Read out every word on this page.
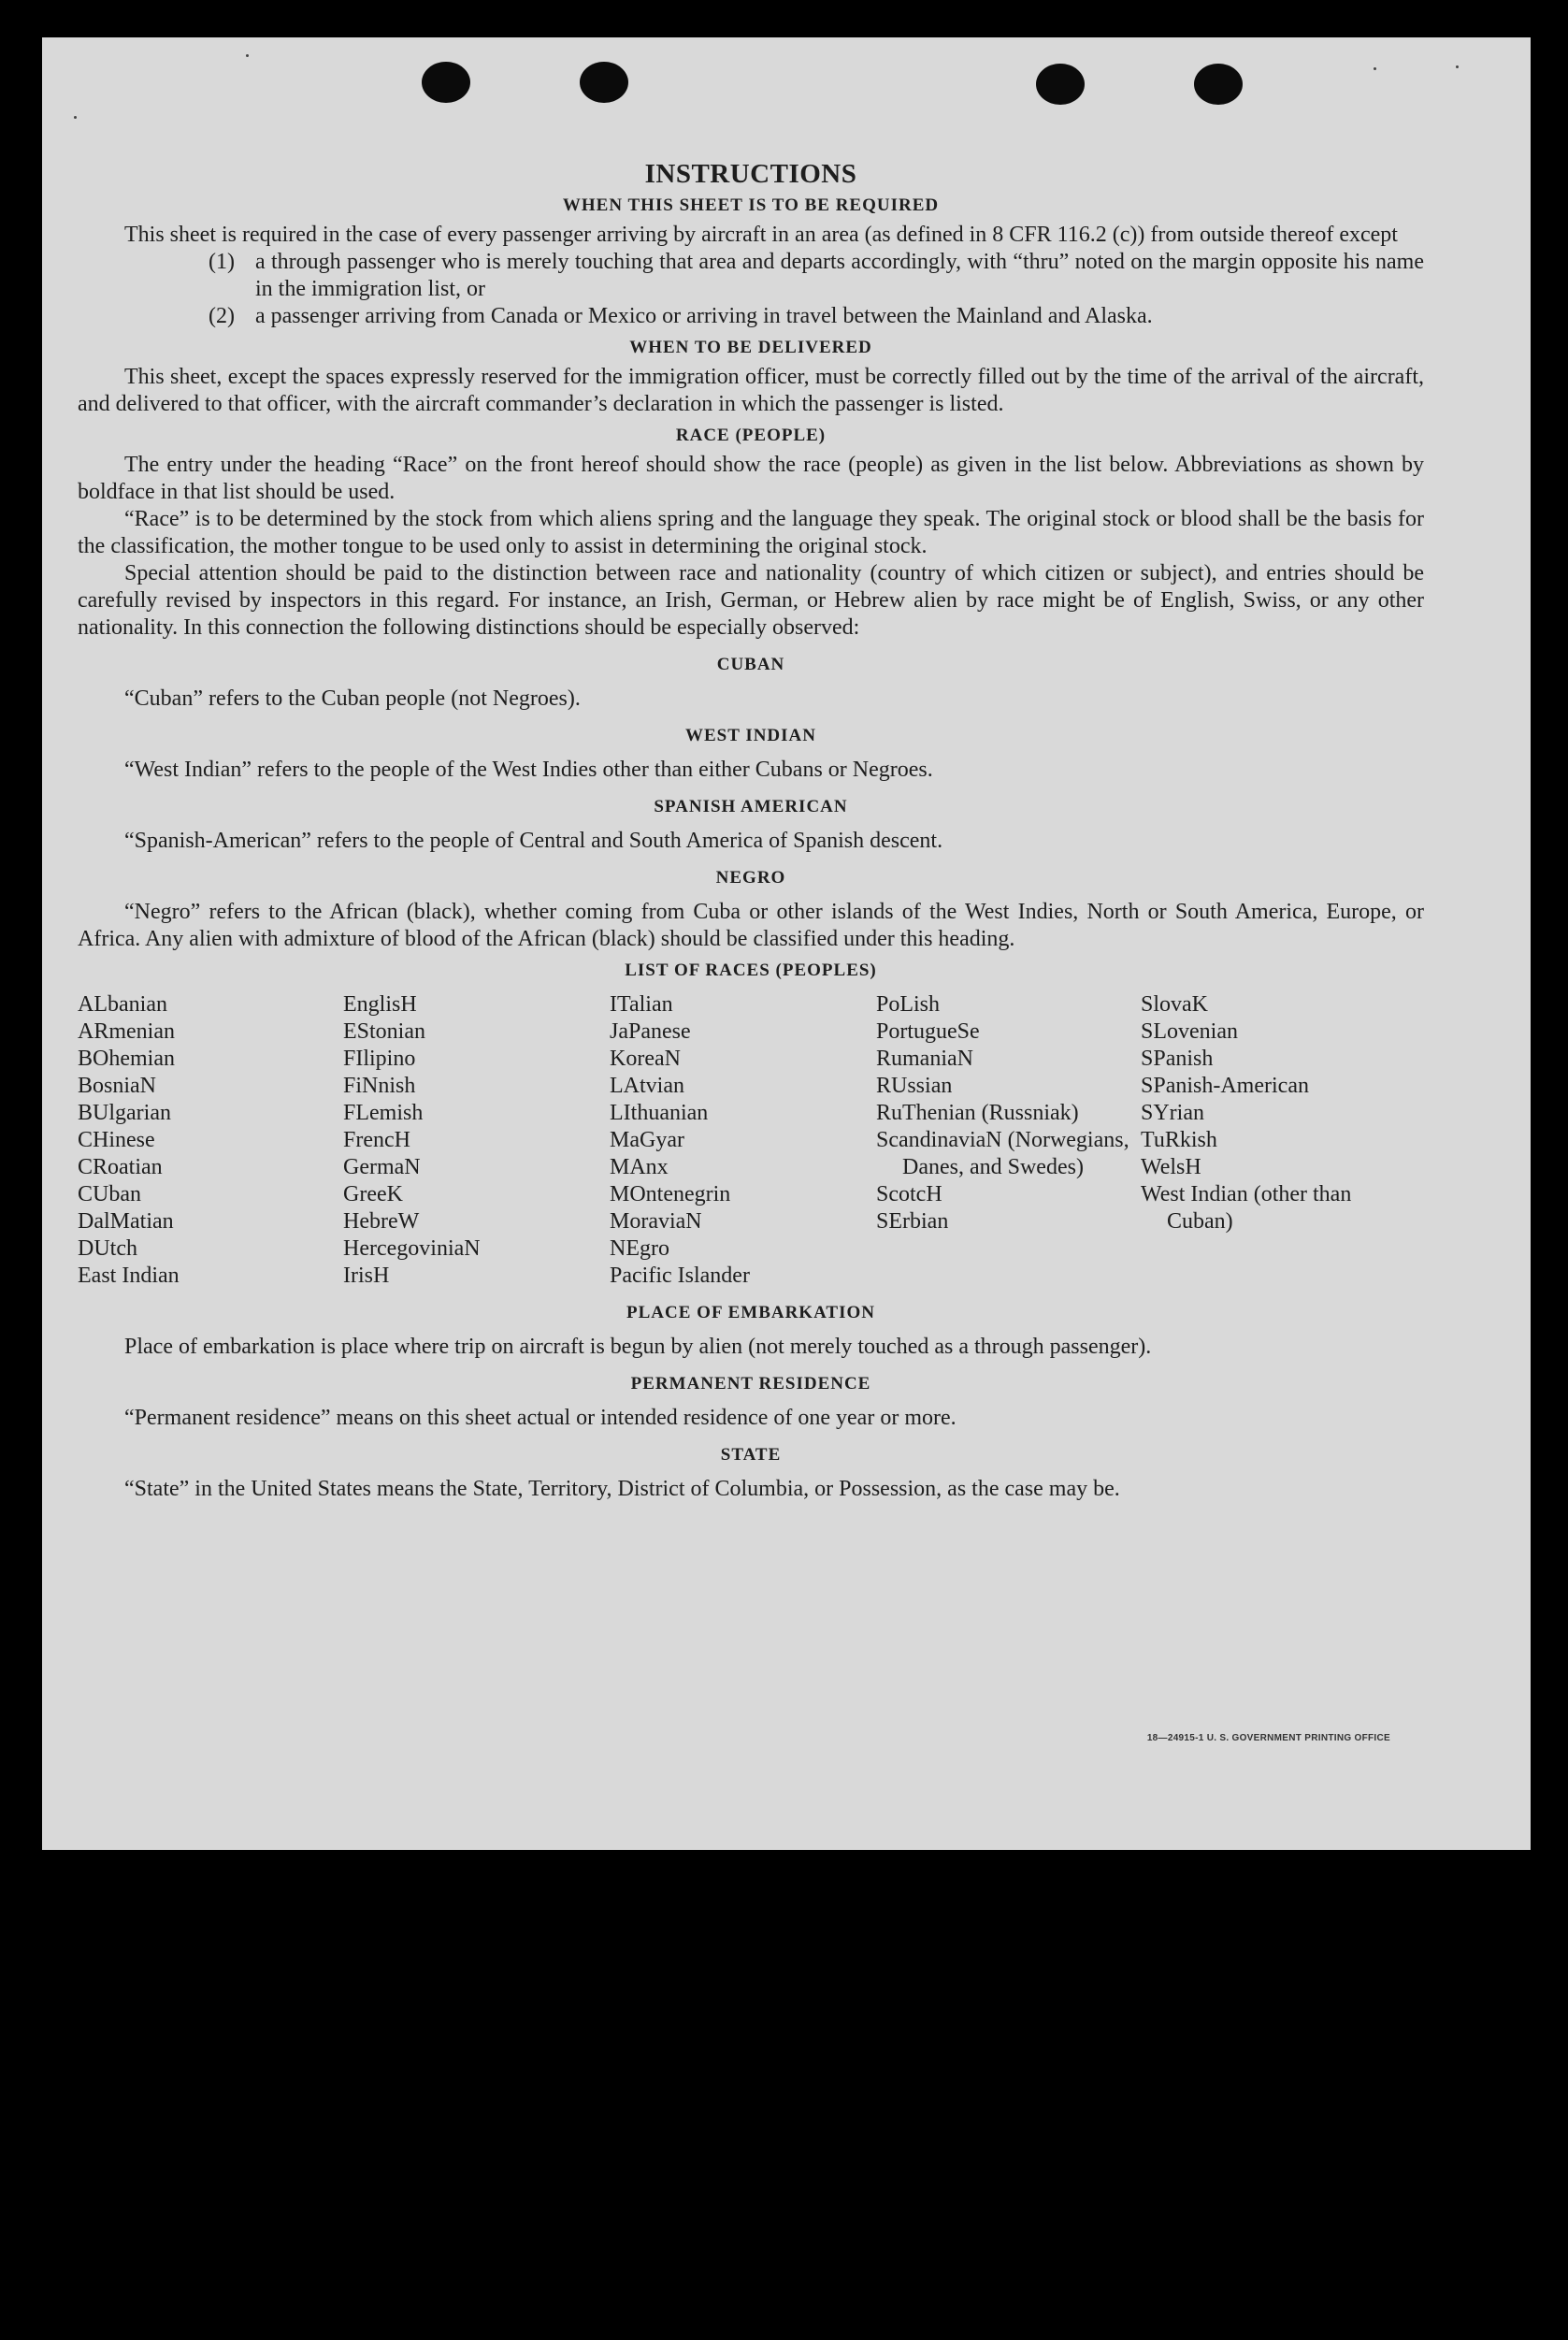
INSTRUCTIONS
WHEN THIS SHEET IS TO BE REQUIRED

This sheet is required in the case of every passenger arriving by aircraft in an area (as defined in 8 CFR 116.2 (c)) from outside thereof except

(1) a through passenger who is merely touching that area and departs accordingly, with “thru” noted on the margin opposite his name in the immigration list, or
(2) a passenger arriving from Canada or Mexico or arriving in travel between the Mainland and Alaska.
WHEN TO BE DELIVERED

This sheet, except the spaces expressly reserved for the immigration officer, must be correctly filled out by the time of the arrival of the aircraft, and delivered to that officer, with the aircraft commander’s declaration in which the passenger is listed.

RACE (PEOPLE)

The entry under the heading “Race” on the front hereof should show the race (people) as given in the list below. Abbreviations as shown by boldface in that list should be used.

“Race” is to be determined by the stock from which aliens spring and the language they speak. The original stock or blood shall be the basis for the classification, the mother tongue to be used only to assist in determining the original stock.

Special attention should be paid to the distinction between race and nationality (country of which citizen or subject), and entries should be carefully revised by inspectors in this regard. For instance, an Irish, German, or Hebrew alien by race might be of English, Swiss, or any other nationality. In this connection the following distinctions should be especially observed:

CUBAN

“Cuban” refers to the Cuban people (not Negroes).

WEST INDIAN

“West Indian” refers to the people of the West Indies other than either Cubans or Negroes.

SPANISH AMERICAN

“Spanish-American” refers to the people of Central and South America of Spanish descent.

NEGRO

“Negro” refers to the African (black), whether coming from Cuba or other islands of the West Indies, North or South America, Europe, or Africa. Any alien with admixture of blood of the African (black) should be classified under this heading.

LIST OF RACES (PEOPLES)
ALbanian
ARmenian
BOhemian
BosniaN
BUlgarian
CHinese
CRoatian
CUban
DalMatian
DUtch
East Indian
EnglisH
EStonian
FIlipino
FiNnish
FLemish
FrencH
GermaN
GreeK
HebreW
HercegoviniaN
IrisH
ITalian
JaPanese
KoreaN
LAtvian
LIthuanian
MaGyar
MAnx
MOntenegrin
MoraviaN
NEgro
Pacific Islander
PoLish
PortugueSe
RumaniaN
RUssian
RuThenian (Russniak)
ScandinaviaN (Norwegians, Danes, and Swedes)
ScotcH
SErbian
SlovaK
SLovenian
SPanish
SPanish-American
SYrian
TuRkish
WelsH
West Indian (other than Cuban)
PLACE OF EMBARKATION

Place of embarkation is place where trip on aircraft is begun by alien (not merely touched as a through passenger).

PERMANENT RESIDENCE

“Permanent residence” means on this sheet actual or intended residence of one year or more.

STATE

“State” in the United States means the State, Territory, District of Columbia, or Possession, as the case may be.

18—24915-1 U. S. GOVERNMENT PRINTING OFFICE
